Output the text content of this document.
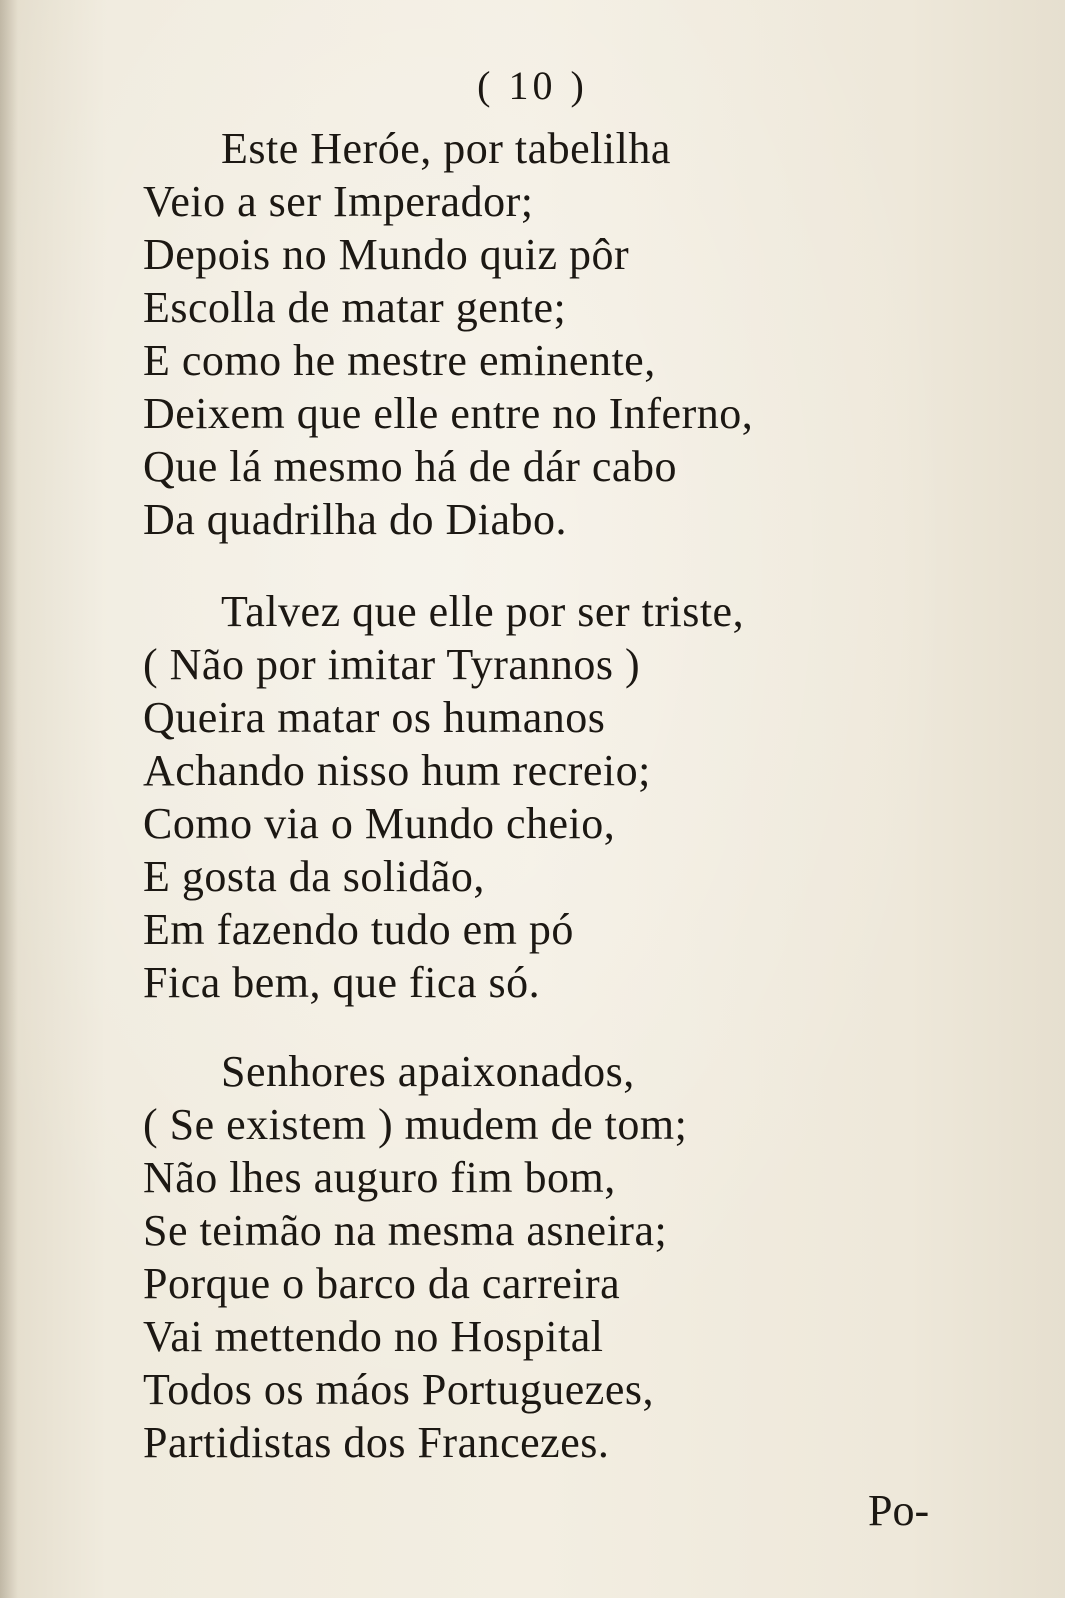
( 10 )
Este Heróe, por tabelilha
Veio a ser Imperador;
Depois no Mundo quiz pôr
Escolla de matar gente;
E como he mestre eminente,
Deixem que elle entre no Inferno,
Que lá mesmo há de dár cabo
Da quadrilha do Diabo.
Talvez que elle por ser triste,
( Não por imitar Tyrannos )
Queira matar os humanos
Achando nisso hum recreio;
Como via o Mundo cheio,
E gosta da solidão,
Em fazendo tudo em pó
Fica bem, que fica só.
Senhores apaixonados,
( Se existem ) mudem de tom;
Não lhes auguro fim bom,
Se teimão na mesma asneira;
Porque o barco da carreira
Vai mettendo no Hospital
Todos os máos Portuguezes,
Partidistas dos Francezes.
Po-
